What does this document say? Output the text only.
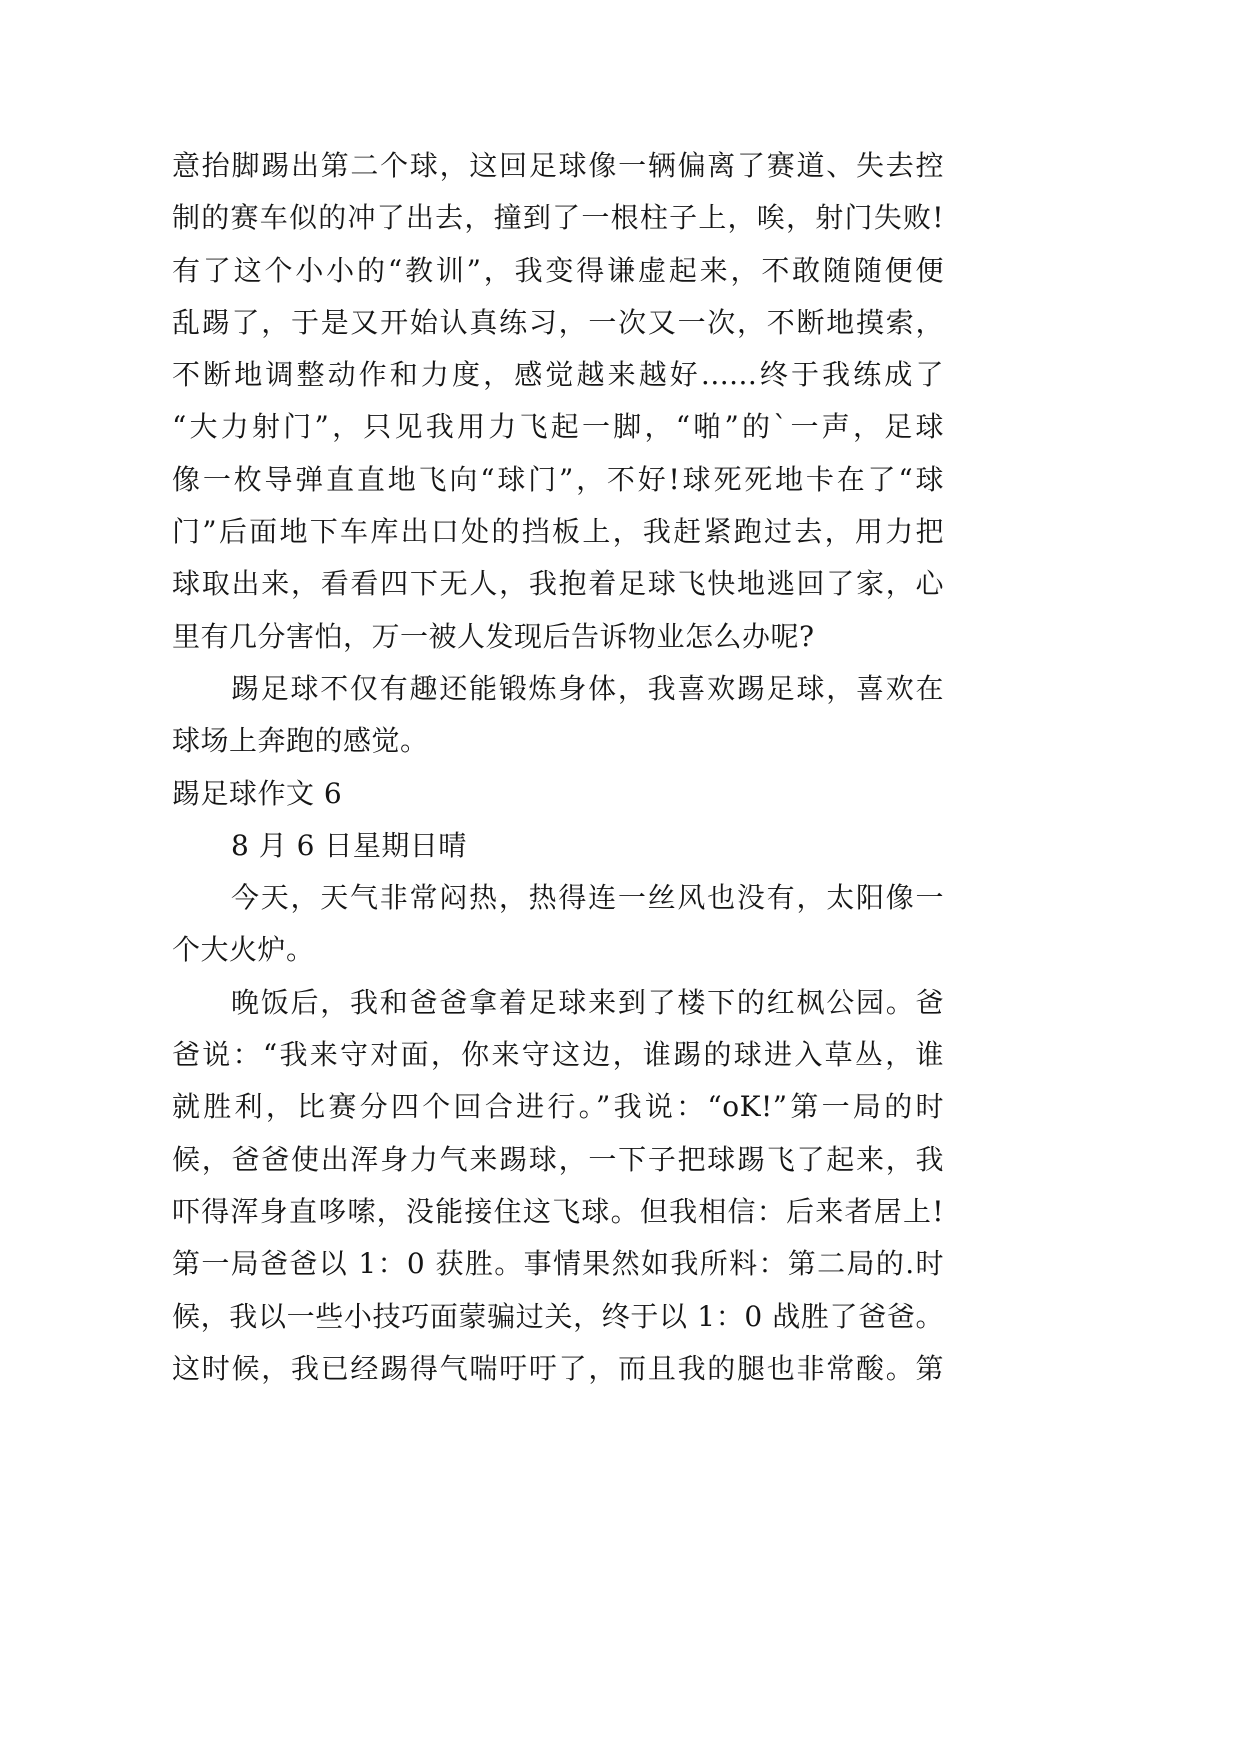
意抬脚踢出第二个球，这回足球像一辆偏离了赛道、失去控
制的赛车似的冲了出去，撞到了一根柱子上，唉，射门失败!
有了这个小小的“教训”，我变得谦虚起来，不敢随随便便
乱踢了，于是又开始认真练习，一次又一次，不断地摸索，
不断地调整动作和力度，感觉越来越好......终于我练成了
“大力射门”，只见我用力飞起一脚，“啪”的`一声，足球
像一枚导弹直直地飞向“球门”，不好!球死死地卡在了“球
门”后面地下车库出口处的挡板上，我赶紧跑过去，用力把
球取出来，看看四下无人，我抱着足球飞快地逃回了家，心
里有几分害怕，万一被人发现后告诉物业怎么办呢?
踢足球不仅有趣还能锻炼身体，我喜欢踢足球，喜欢在
球场上奔跑的感觉。
踢足球作文 6
8 月 6 日星期日晴
今天，天气非常闷热，热得连一丝风也没有，太阳像一
个大火炉。
晚饭后，我和爸爸拿着足球来到了楼下的红枫公园。爸
爸说：“我来守对面，你来守这边，谁踢的球进入草丛，谁
就胜利，比赛分四个回合进行。”我说：“oK!”第一局的时
候，爸爸使出浑身力气来踢球，一下子把球踢飞了起来，我
吓得浑身直哆嗦，没能接住这飞球。但我相信：后来者居上!
第一局爸爸以 1：0 获胜。事情果然如我所料：第二局的.时
候，我以一些小技巧面蒙骗过关，终于以 1：0 战胜了爸爸。
这时候，我已经踢得气喘吁吁了，而且我的腿也非常酸。第
